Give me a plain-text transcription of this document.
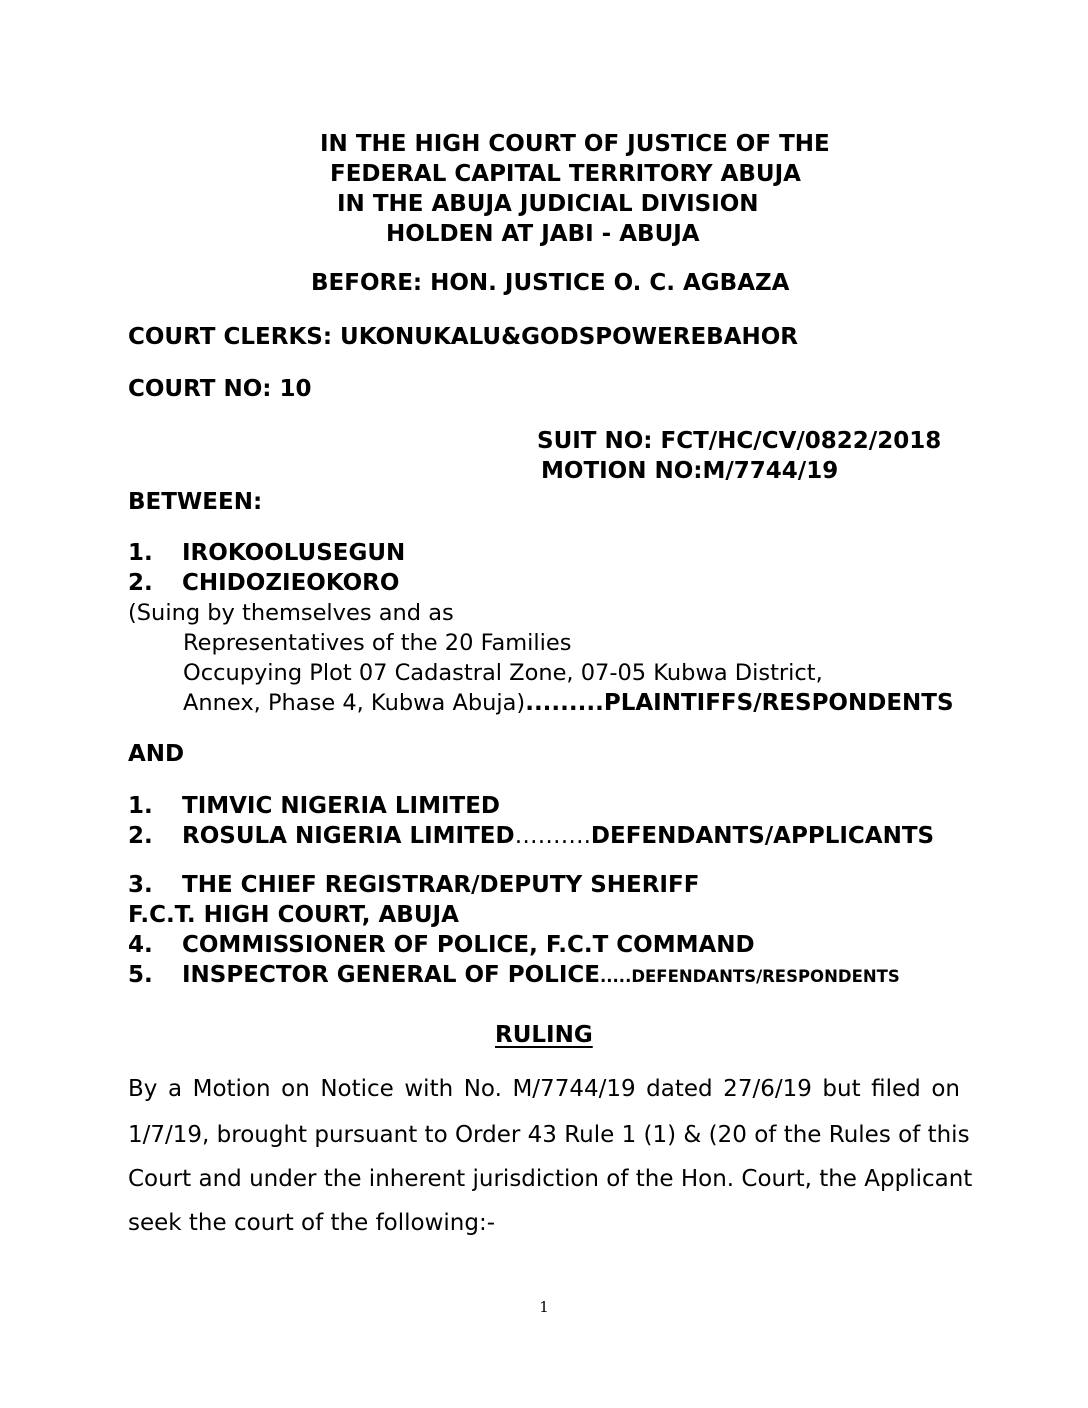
IN THE HIGH COURT OF JUSTICE OF THE
FEDERAL CAPITAL TERRITORY ABUJA
IN THE ABUJA JUDICIAL DIVISION
HOLDEN AT JABI - ABUJA
BEFORE: HON. JUSTICE O. C. AGBAZA
COURT CLERKS: UKONUKALU&GODSPOWEREBAHOR
COURT NO: 10
SUIT NO: FCT/HC/CV/0822/2018
MOTION NO:M/7744/19
BETWEEN:
1. IROKOOLUSEGUN
2. CHIDOZIEOKORO
(Suing by themselves and as
Representatives of the 20 Families
Occupying Plot 07 Cadastral Zone, 07-05 Kubwa District,
Annex, Phase 4, Kubwa Abuja).........PLAINTIFFS/RESPONDENTS
AND
1. TIMVIC NIGERIA LIMITED
2. ROSULA NIGERIA LIMITED……….DEFENDANTS/APPLICANTS
3. THE CHIEF REGISTRAR/DEPUTY SHERIFF
F.C.T. HIGH COURT, ABUJA
4. COMMISSIONER OF POLICE, F.C.T COMMAND
5. INSPECTOR GENERAL OF POLICE.....DEFENDANTS/RESPONDENTS
RULING
By a Motion on Notice with No. M/7744/19 dated 27/6/19 but filed on
1/7/19, brought pursuant to Order 43 Rule 1 (1) & (20 of the Rules of this
Court and under the inherent jurisdiction of the Hon. Court, the Applicant
seek the court of the following:-
1
